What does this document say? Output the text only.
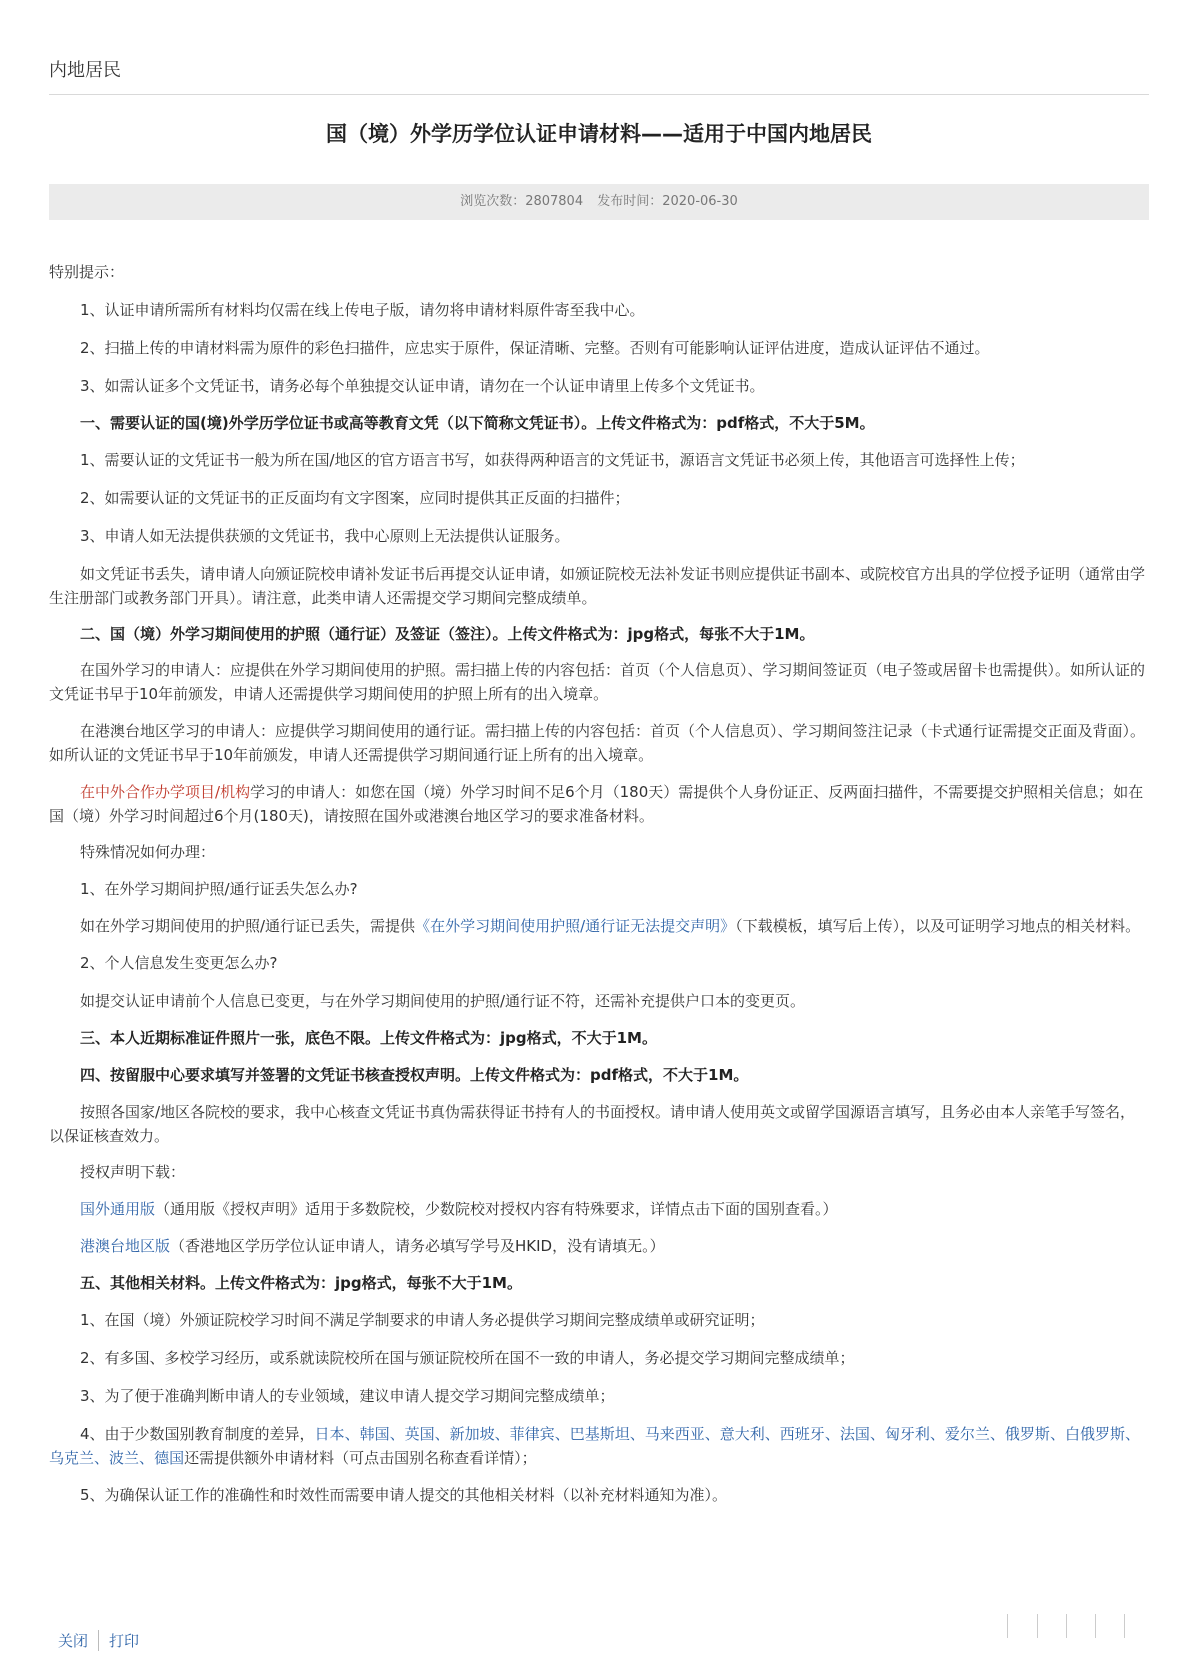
内地居民
国（境）外学历学位认证申请材料——适用于中国内地居民
浏览次数：2807804 发布时间：2020-06-30

特别提示：

1、认证申请所需所有材料均仅需在线上传电子版，请勿将申请材料原件寄至我中心。

2、扫描上传的申请材料需为原件的彩色扫描件，应忠实于原件，保证清晰、完整。否则有可能影响认证评估进度，造成认证评估不通过。

3、如需认证多个文凭证书，请务必每个单独提交认证申请，请勿在一个认证申请里上传多个文凭证书。

一、需要认证的国(境)外学历学位证书或高等教育文凭（以下简称文凭证书）。上传文件格式为：pdf格式，不大于5M。

1、需要认证的文凭证书一般为所在国/地区的官方语言书写，如获得两种语言的文凭证书，源语言文凭证书必须上传，其他语言可选择性上传；

2、如需要认证的文凭证书的正反面均有文字图案，应同时提供其正反面的扫描件；

3、申请人如无法提供获颁的文凭证书，我中心原则上无法提供认证服务。

如文凭证书丢失，请申请人向颁证院校申请补发证书后再提交认证申请，如颁证院校无法补发证书则应提供证书副本、或院校官方出具的学位授予证明（通常由学生注册部门或教务部门开具）。请注意，此类申请人还需提交学习期间完整成绩单。

二、国（境）外学习期间使用的护照（通行证）及签证（签注）。上传文件格式为：jpg格式，每张不大于1M。

在国外学习的申请人：应提供在外学习期间使用的护照。需扫描上传的内容包括：首页（个人信息页）、学习期间签证页（电子签或居留卡也需提供）。如所认证的文凭证书早于10年前颁发，申请人还需提供学习期间使用的护照上所有的出入境章。

在港澳台地区学习的申请人：应提供学习期间使用的通行证。需扫描上传的内容包括：首页（个人信息页）、学习期间签注记录（卡式通行证需提交正面及背面）。如所认证的文凭证书早于10年前颁发，申请人还需提供学习期间通行证上所有的出入境章。

在中外合作办学项目/机构学习的申请人：如您在国（境）外学习时间不足6个月（180天）需提供个人身份证正、反两面扫描件，不需要提交护照相关信息；如在国（境）外学习时间超过6个月(180天)，请按照在国外或港澳台地区学习的要求准备材料。

特殊情况如何办理：

1、在外学习期间护照/通行证丢失怎么办?

如在外学习期间使用的护照/通行证已丢失，需提供《在外学习期间使用护照/通行证无法提交声明》（下载模板，填写后上传），以及可证明学习地点的相关材料。

2、个人信息发生变更怎么办?

如提交认证申请前个人信息已变更，与在外学习期间使用的护照/通行证不符，还需补充提供户口本的变更页。

三、本人近期标准证件照片一张，底色不限。上传文件格式为：jpg格式，不大于1M。

四、按留服中心要求填写并签署的文凭证书核查授权声明。上传文件格式为：pdf格式，不大于1M。

按照各国家/地区各院校的要求，我中心核查文凭证书真伪需获得证书持有人的书面授权。请申请人使用英文或留学国源语言填写，且务必由本人亲笔手写签名，以保证核查效力。

授权声明下载：

国外通用版（通用版《授权声明》适用于多数院校，少数院校对授权内容有特殊要求，详情点击下面的国别查看。）

港澳台地区版（香港地区学历学位认证申请人，请务必填写学号及HKID，没有请填无。）

五、其他相关材料。上传文件格式为：jpg格式，每张不大于1M。

1、在国（境）外颁证院校学习时间不满足学制要求的申请人务必提供学习期间完整成绩单或研究证明；

2、有多国、多校学习经历，或系就读院校所在国与颁证院校所在国不一致的申请人，务必提交学习期间完整成绩单；

3、为了便于准确判断申请人的专业领域，建议申请人提交学习期间完整成绩单；

4、由于少数国别教育制度的差异，日本、韩国、英国、新加坡、菲律宾、巴基斯坦、马来西亚、意大利、西班牙、法国、匈牙利、爱尔兰、俄罗斯、白俄罗斯、乌克兰、波兰、德国还需提供额外申请材料（可点击国别名称查看详情）；

5、为确保认证工作的准确性和时效性而需要申请人提交的其他相关材料（以补充材料通知为准）。

关闭 打印
